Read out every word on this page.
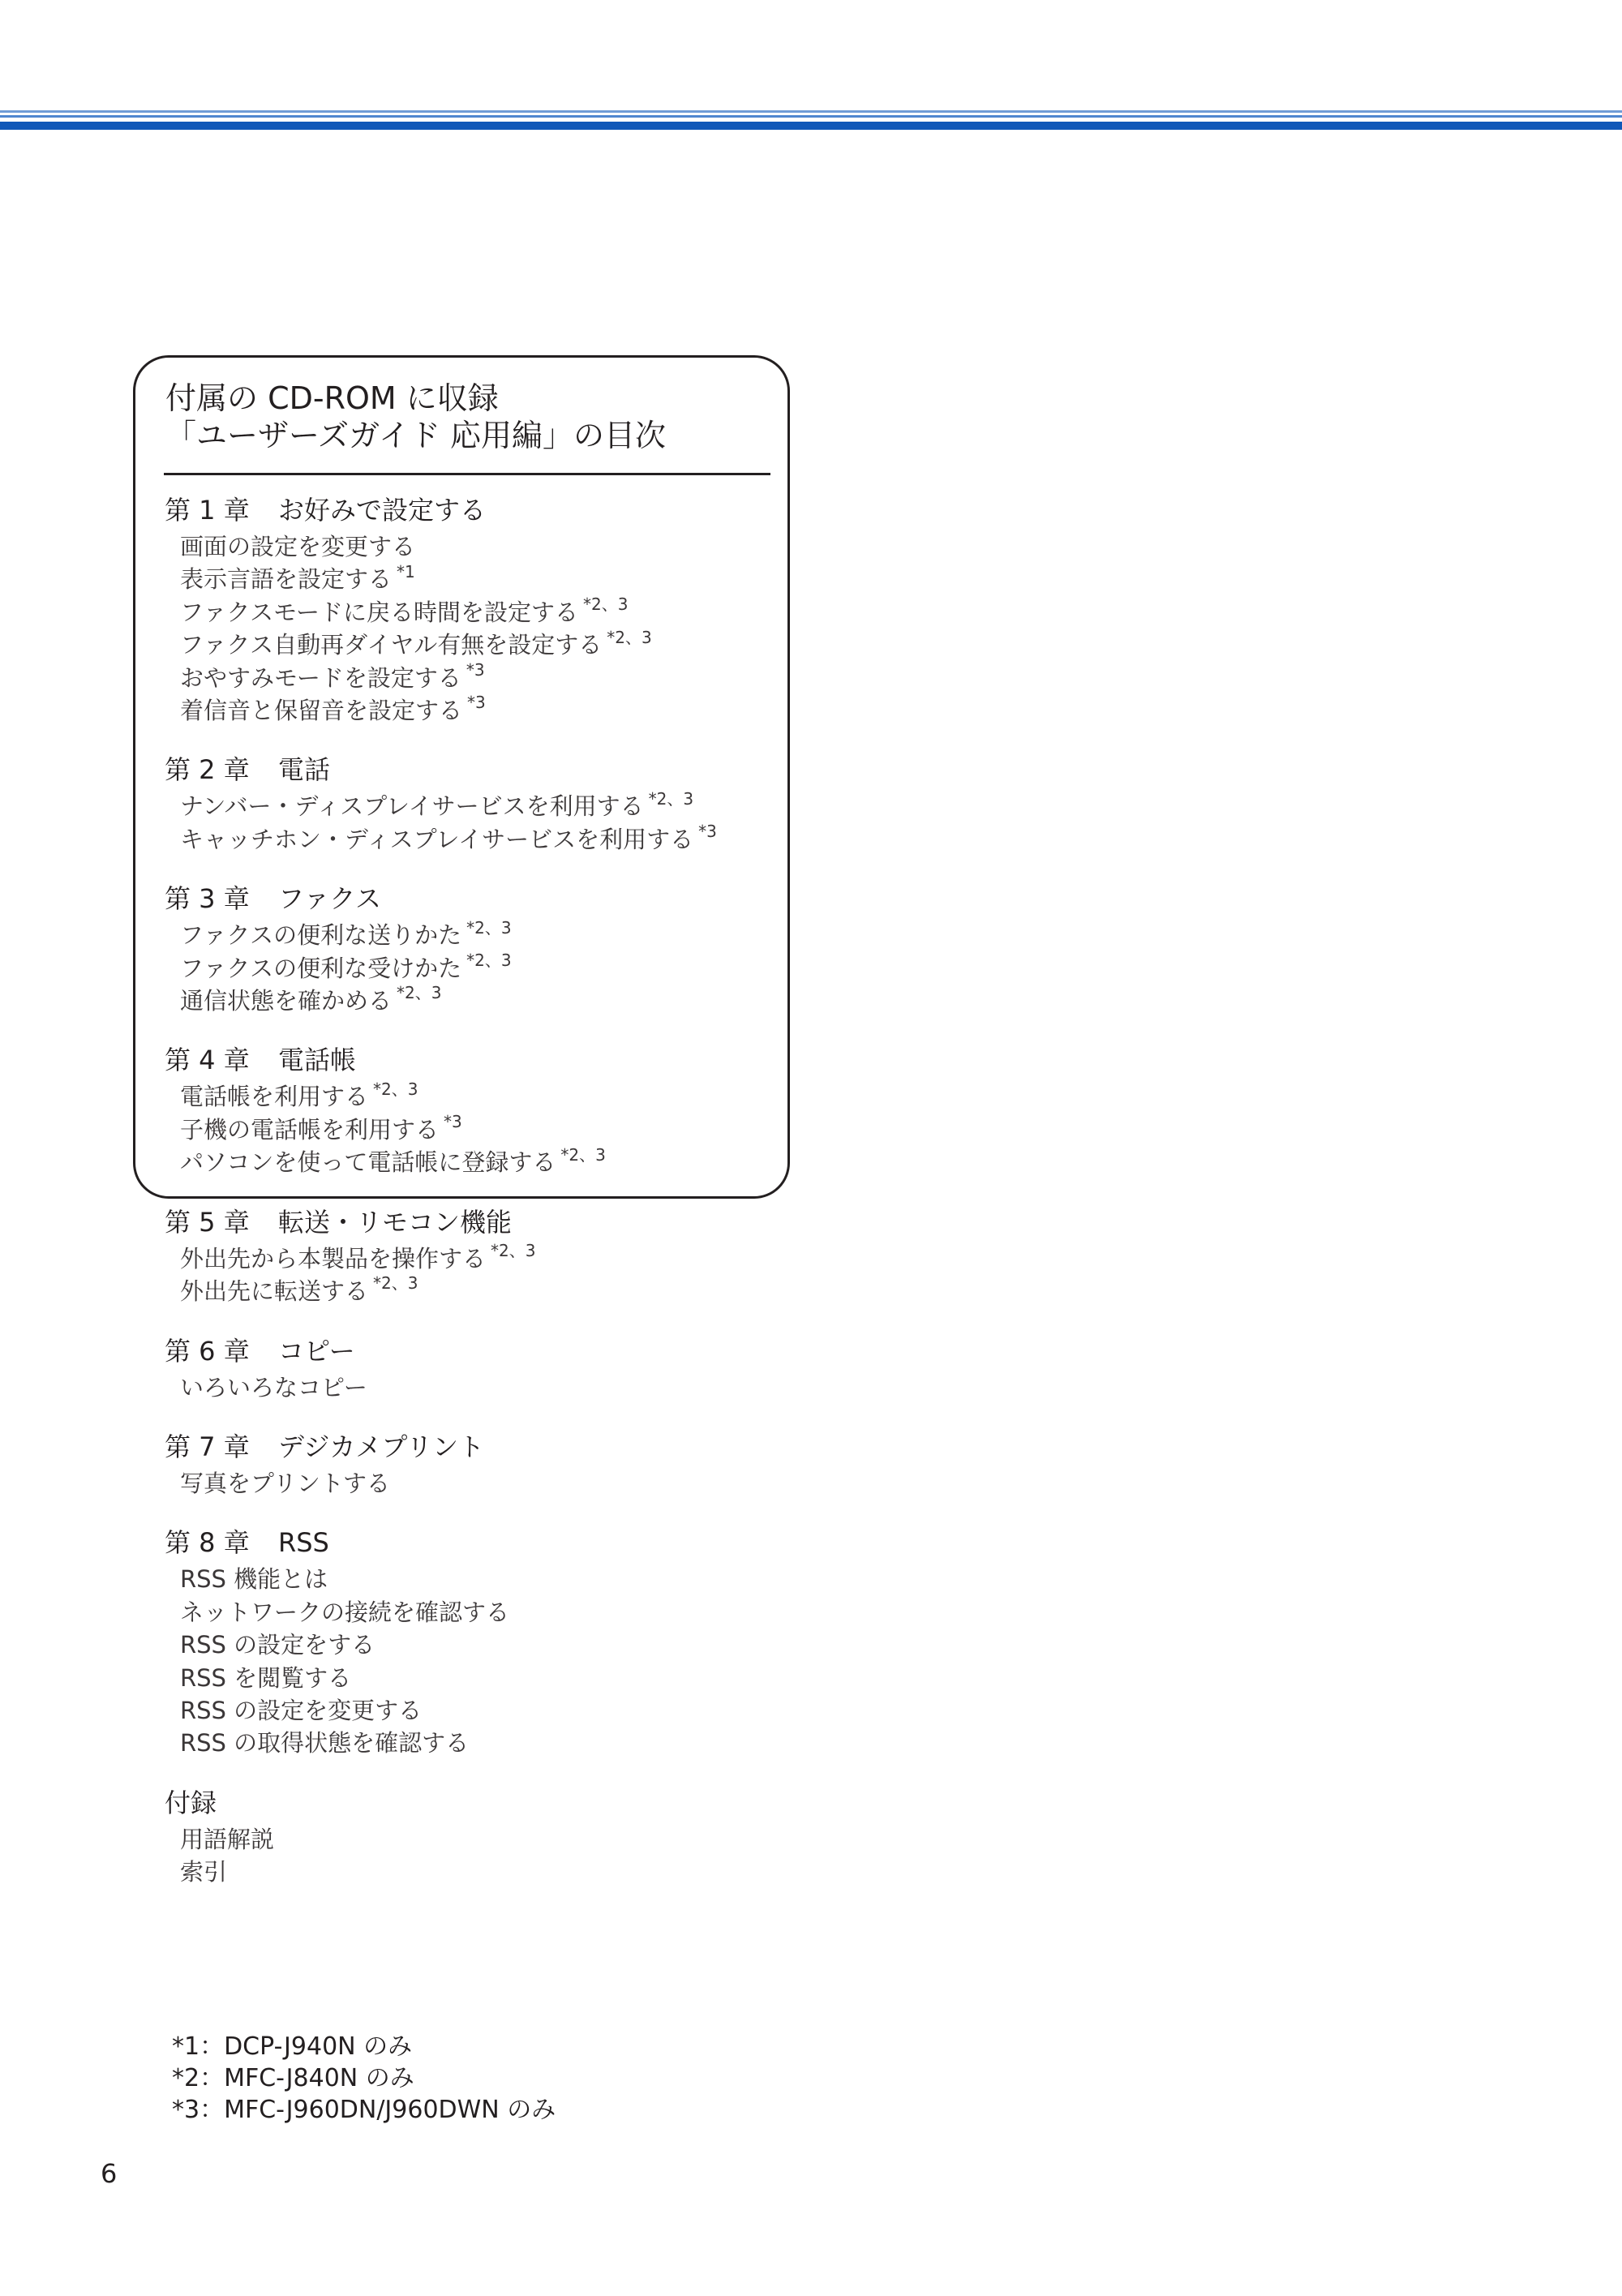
付属の CD-ROM に収録
「ユーザーズガイド 応用編」の目次
第 1 章 お好みで設定する
画面の設定を変更する
表示言語を設定する $^{*1}$
ファクスモードに戻る時間を設定する $^{*2、3}$
ファクス自動再ダイヤル有無を設定する $^{*2、3}$
おやすみモードを設定する $^{*3}$
着信音と保留音を設定する $^{*3}$
第 2 章 電話
ナンバー・ディスプレイサービスを利用する $^{*2、3}$
キャッチホン・ディスプレイサービスを利用する $^{*3}$
第 3 章 ファクス
ファクスの便利な送りかた $^{*2、3}$
ファクスの便利な受けかた $^{*2、3}$
通信状態を確かめる $^{*2、3}$
第 4 章 電話帳
電話帳を利用する $^{*2、3}$
子機の電話帳を利用する $^{*3}$
パソコンを使って電話帳に登録する $^{*2、3}$
第 5 章 転送・リモコン機能
外出先から本製品を操作する $^{*2、3}$
外出先に転送する $^{*2、3}$
第 6 章 コピー
いろいろなコピー
第 7 章 デジカメプリント
写真をプリントする
第 8 章 RSS
RSS 機能とは
ネットワークの接続を確認する
RSS の設定をする
RSS を閲覧する
RSS の設定を変更する
RSS の取得状態を確認する
付録
用語解説
索引
*1：DCP-J940N のみ
*2：MFC-J840N のみ
*3：MFC-J960DN/J960DWN のみ
6
